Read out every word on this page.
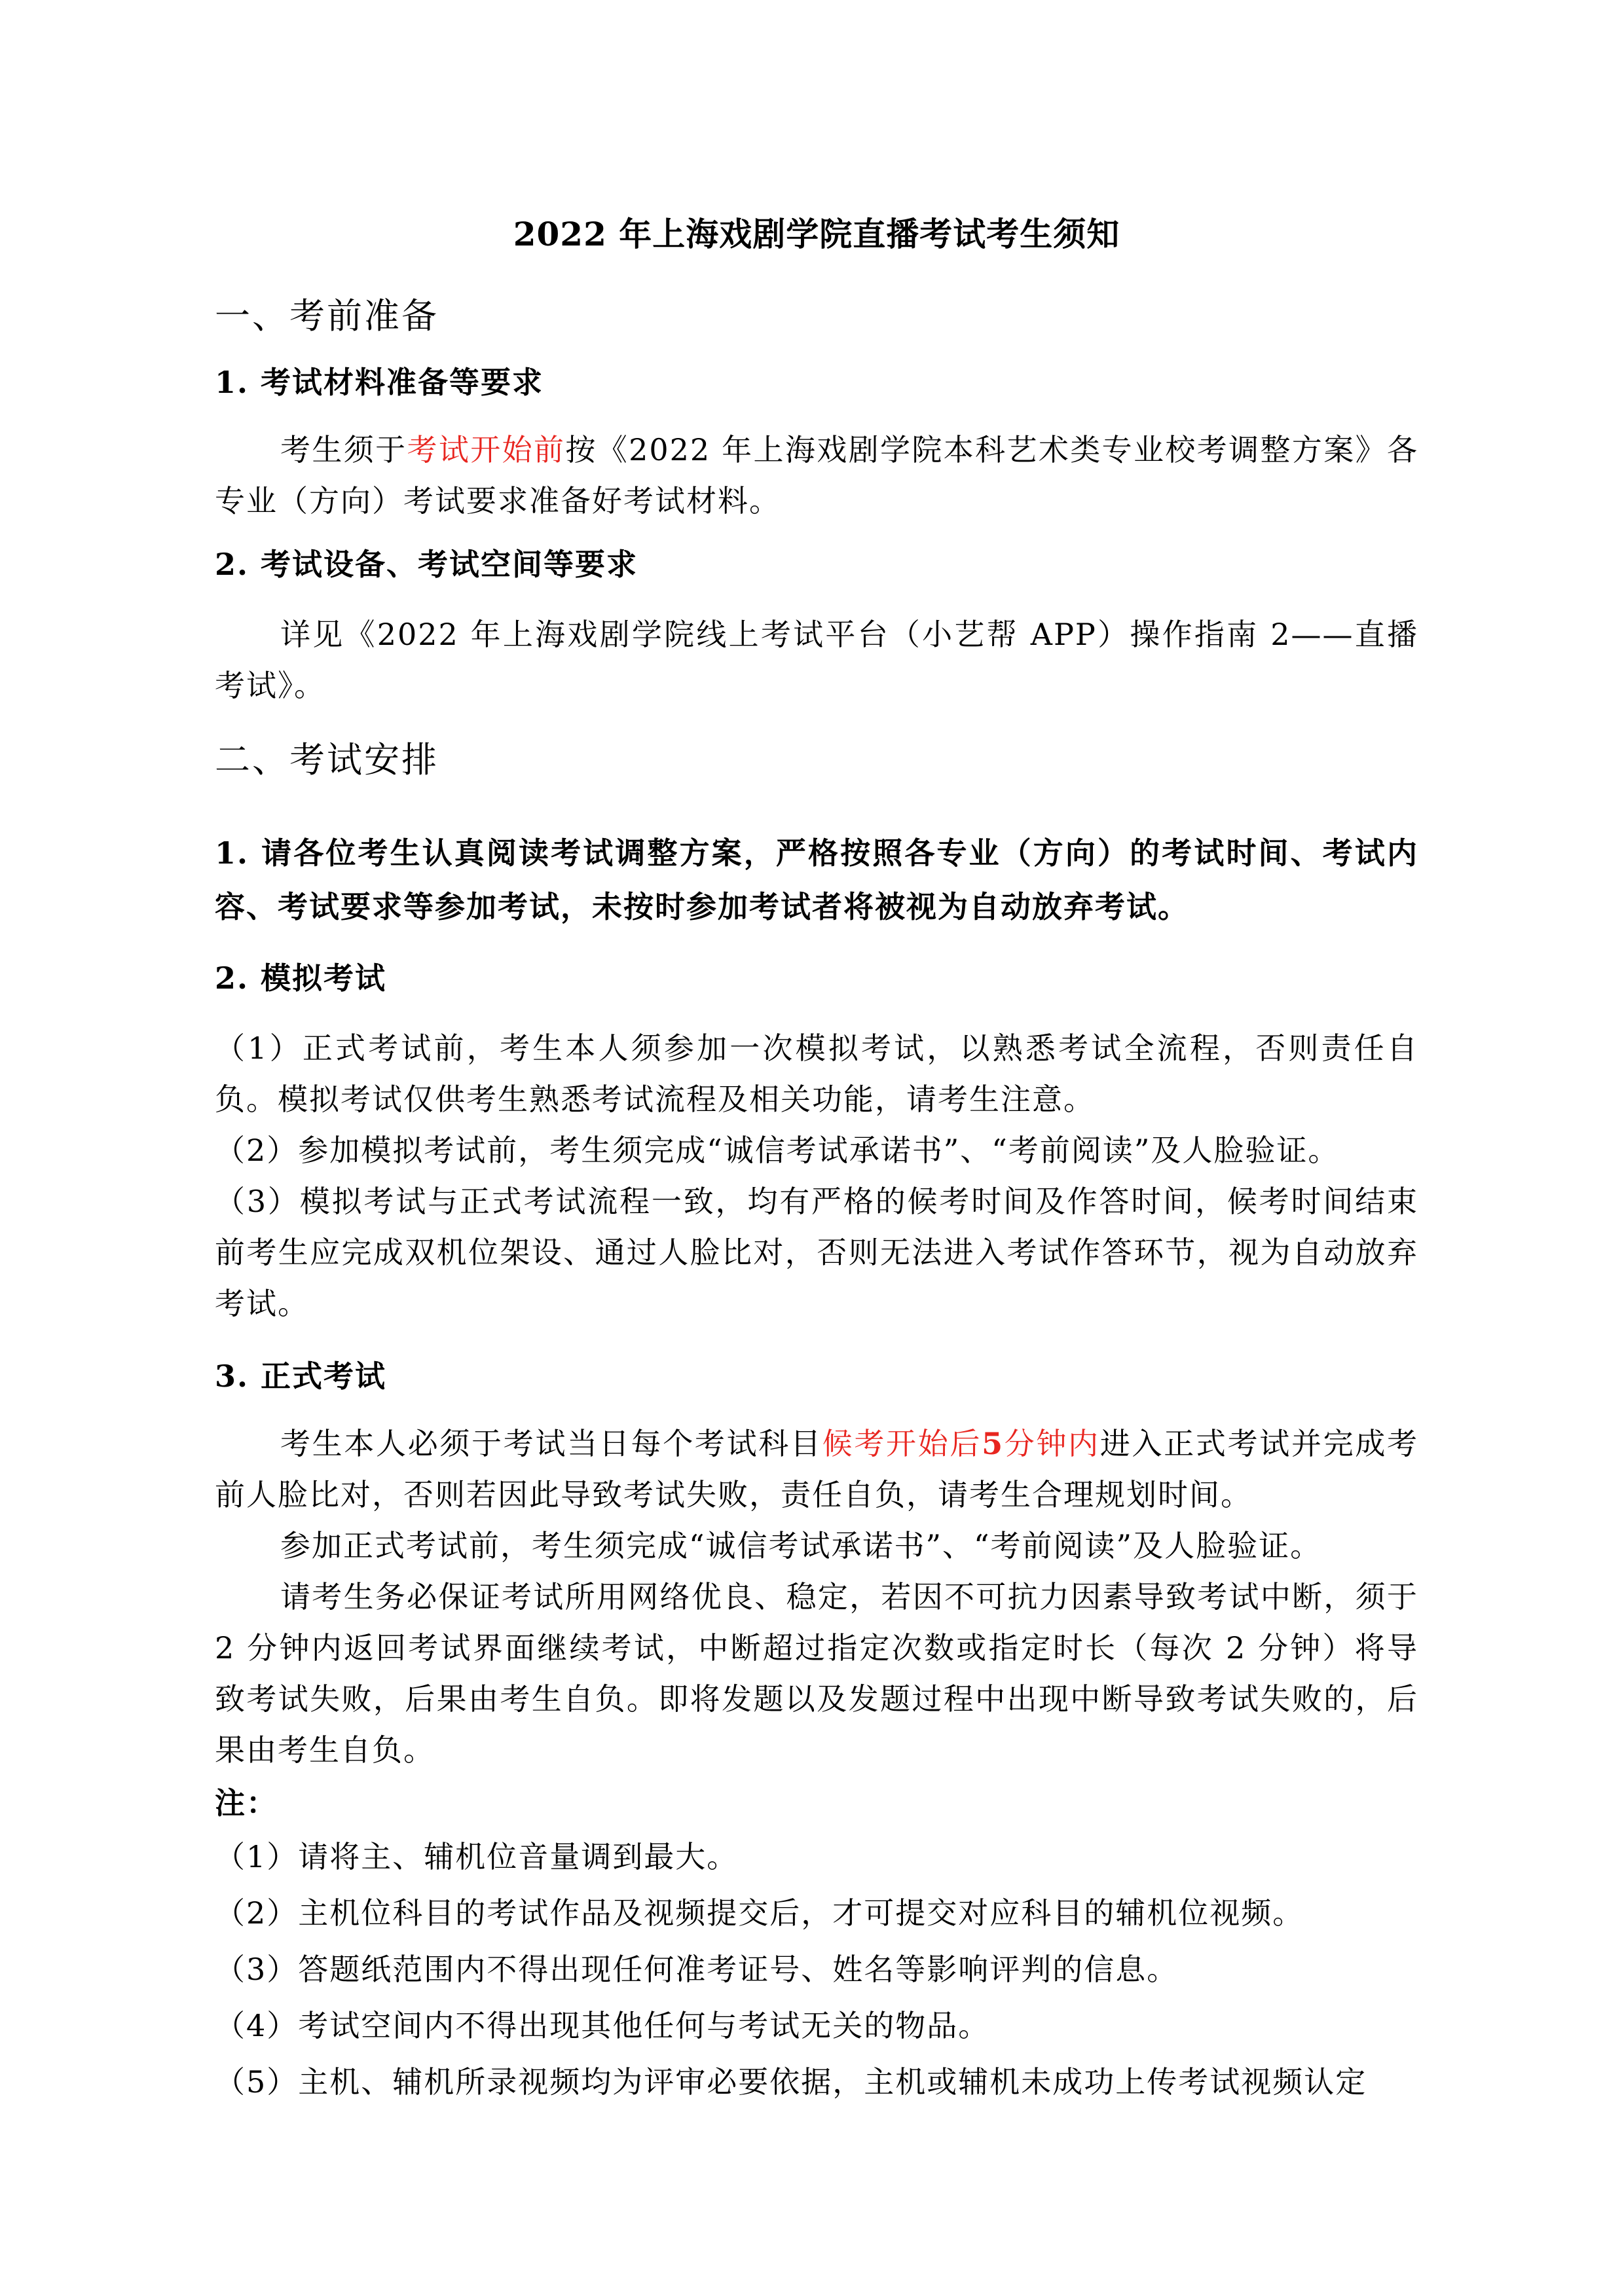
2022 年上海戏剧学院直播考试考生须知
一、考前准备
1. 考试材料准备等要求
考生须于考试开始前按《2022 年上海戏剧学院本科艺术类专业校考调整方案》各专业（方向）考试要求准备好考试材料。
2. 考试设备、考试空间等要求
详见《2022 年上海戏剧学院线上考试平台（小艺帮 APP）操作指南 2——直播考试》。
二、考试安排
1. 请各位考生认真阅读考试调整方案，严格按照各专业（方向）的考试时间、考试内容、考试要求等参加考试，未按时参加考试者将被视为自动放弃考试。
2. 模拟考试
（1）正式考试前，考生本人须参加一次模拟考试，以熟悉考试全流程，否则责任自负。模拟考试仅供考生熟悉考试流程及相关功能，请考生注意。
（2）参加模拟考试前，考生须完成“诚信考试承诺书”、“考前阅读”及人脸验证。
（3）模拟考试与正式考试流程一致，均有严格的候考时间及作答时间，候考时间结束前考生应完成双机位架设、通过人脸比对，否则无法进入考试作答环节，视为自动放弃考试。
3. 正式考试
考生本人必须于考试当日每个考试科目候考开始后5分钟内进入正式考试并完成考前人脸比对，否则若因此导致考试失败，责任自负，请考生合理规划时间。
参加正式考试前，考生须完成“诚信考试承诺书”、“考前阅读”及人脸验证。
请考生务必保证考试所用网络优良、稳定，若因不可抗力因素导致考试中断，须于 2 分钟内返回考试界面继续考试，中断超过指定次数或指定时长（每次 2 分钟）将导致考试失败，后果由考生自负。即将发题以及发题过程中出现中断导致考试失败的，后果由考生自负。
注：
（1）请将主、辅机位音量调到最大。
（2）主机位科目的考试作品及视频提交后，才可提交对应科目的辅机位视频。
（3）答题纸范围内不得出现任何准考证号、姓名等影响评判的信息。
（4）考试空间内不得出现其他任何与考试无关的物品。
（5）主机、辅机所录视频均为评审必要依据，主机或辅机未成功上传考试视频认定
